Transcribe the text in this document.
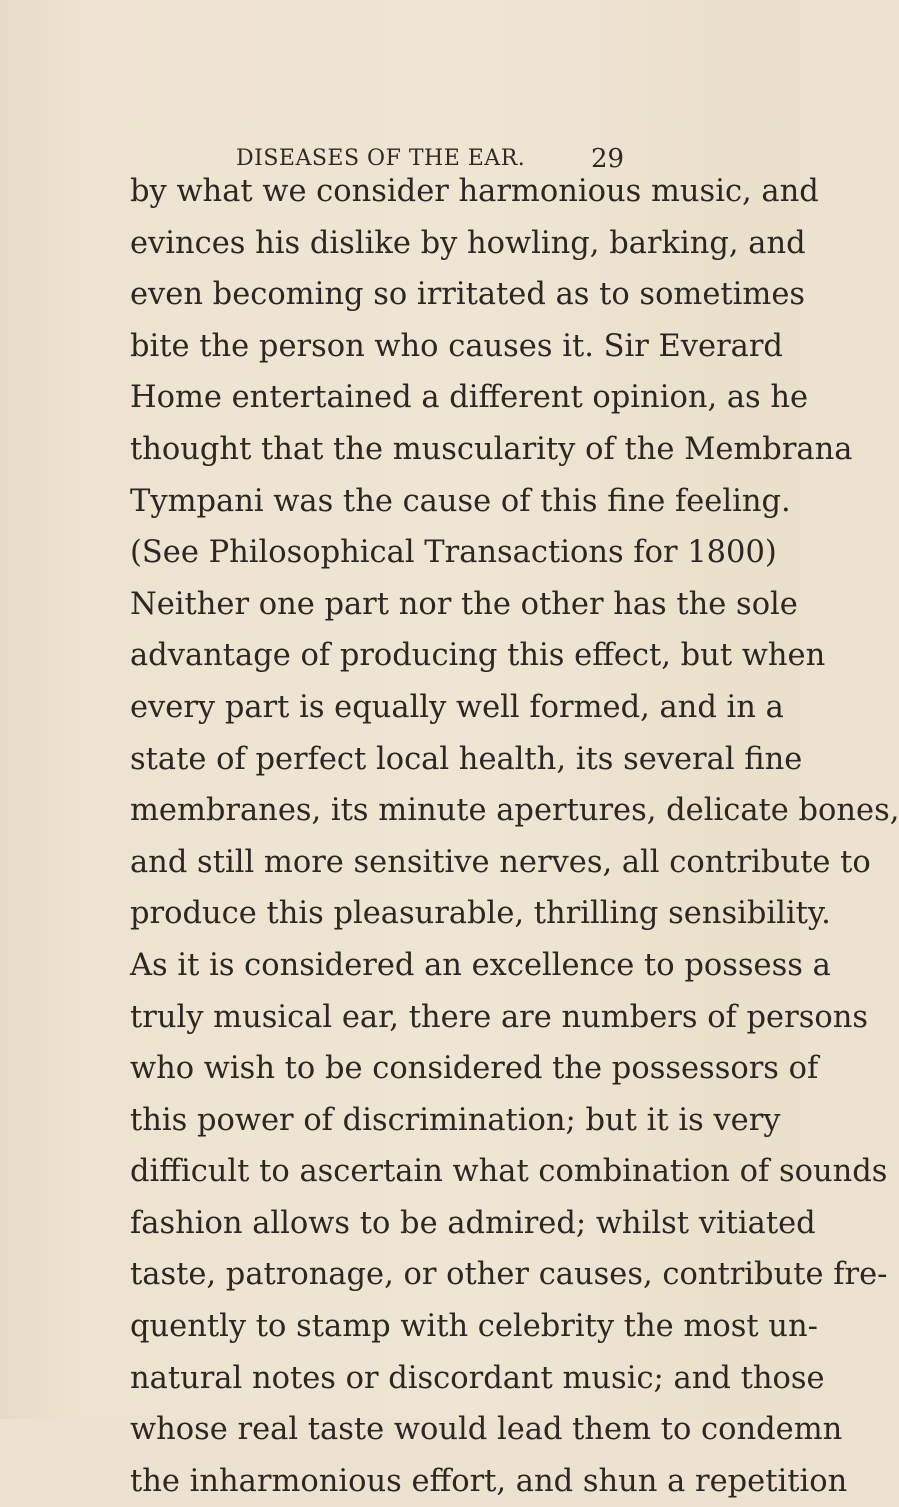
DISEASES OF THE EAR.	29
by what we consider harmonious music, and
evinces his dislike by howling, barking, and
even becoming so irritated as to sometimes
bite the person who causes it. Sir Everard
Home entertained a different opinion, as he
thought that the muscularity of the Membrana
Tympani was the cause of this fine feeling.
(See Philosophical Transactions for 1800)
Neither one part nor the other has the sole
advantage of producing this effect, but when
every part is equally well formed, and in a
state of perfect local health, its several fine
membranes, its minute apertures, delicate bones,
and still more sensitive nerves, all contribute to
produce this pleasurable, thrilling sensibility.
As it is considered an excellence to possess a
truly musical ear, there are numbers of persons
who wish to be considered the possessors of
this power of discrimination; but it is very
difficult to ascertain what combination of sounds
fashion allows to be admired; whilst vitiated
taste, patronage, or other causes, contribute fre-
quently to stamp with celebrity the most un-
natural notes or discordant music; and those
whose real taste would lead them to condemn
the inharmonious effort, and shun a repetition
